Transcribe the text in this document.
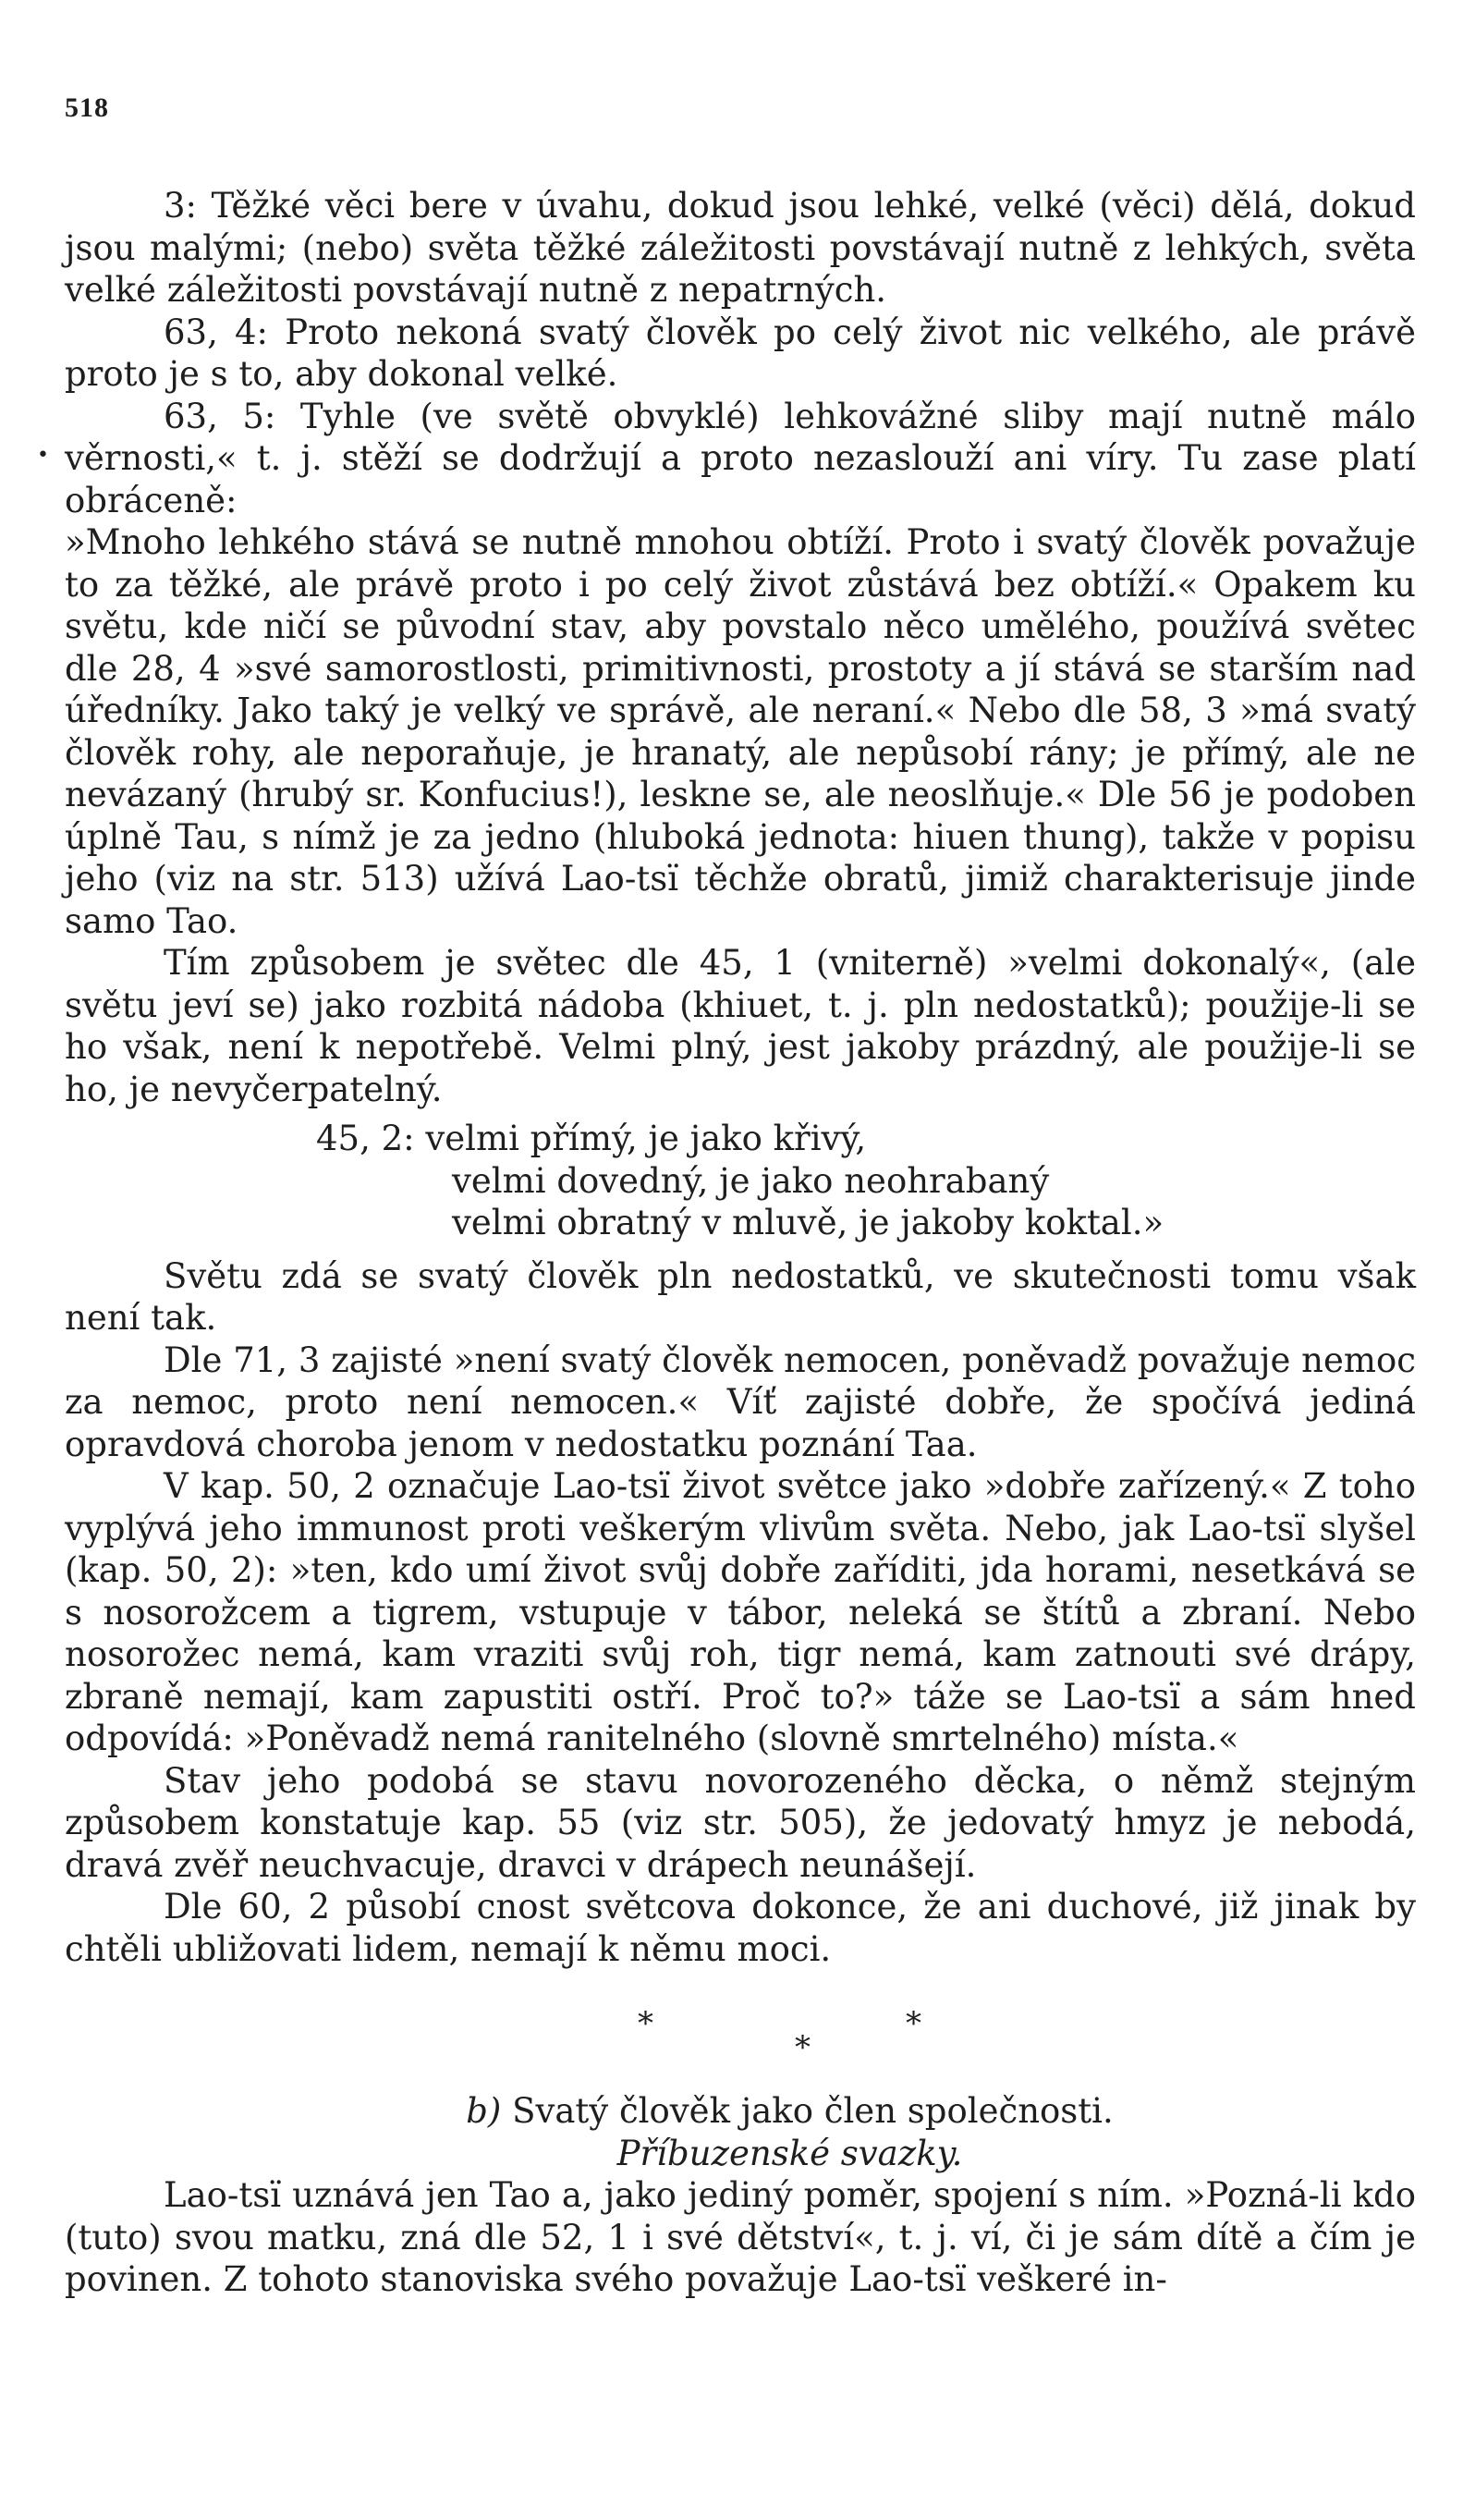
518
•

3: Těžké věci bere v úvahu, dokud jsou lehké, velké (věci) dělá, dokud jsou malými; (nebo) světa těžké záležitosti povstávají nutně z lehkých, světa velké záležitosti povstávají nutně z nepatrných.

63, 4: Proto nekoná svatý člověk po celý život nic velkého, ale právě proto je s to, aby dokonal velké.

63, 5: Tyhle (ve světě obvyklé) lehkovážné sliby mají nutně málo věrnosti,« t. j. stěží se dodržují a proto nezaslouží ani víry. Tu zase platí obráceně:

»Mnoho lehkého stává se nutně mnohou obtíží. Proto i svatý člověk považuje to za těžké, ale právě proto i po celý život zůstává bez obtíží.« Opakem ku světu, kde ničí se původní stav, aby povstalo něco umělého, používá světec dle 28, 4 »své samorostlosti, primitivnosti, prostoty a jí stává se starším nad úředníky. Jako taký je velký ve správě, ale neraní.« Nebo dle 58, 3 »má svatý člověk rohy, ale neporaňuje, je hranatý, ale nepůsobí rány; je přímý, ale ne nevázaný (hrubý sr. Konfucius!), leskne se, ale neoslňuje.« Dle 56 je podoben úplně Tau, s nímž je za jedno (hluboká jednota: hiuen thung), takže v popisu jeho (viz na str. 513) užívá Lao-tsï těchže obratů, jimiž charakterisuje jinde samo Tao.

Tím způsobem je světec dle 45, 1 (vniterně) »velmi dokonalý«, (ale světu jeví se) jako rozbitá nádoba (khiuet, t. j. pln nedostatků); použije-li se ho však, není k nepotřebě. Velmi plný, jest jakoby prázdný, ale použije-li se ho, je nevyčerpatelný.

45, 2: velmi přímý, je jako křivý,
velmi dovedný, je jako neohrabaný
velmi obratný v mluvě, je jakoby koktal.»

Světu zdá se svatý člověk pln nedostatků, ve skutečnosti tomu však není tak.

Dle 71, 3 zajisté »není svatý člověk nemocen, poněvadž považuje nemoc za nemoc, proto není nemocen.« Víť zajisté dobře, že spočívá jediná opravdová choroba jenom v nedostatku poznání Taa.

V kap. 50, 2 označuje Lao-tsï život světce jako »dobře zařízený.« Z toho vyplývá jeho immunost proti veškerým vlivům světa. Nebo, jak Lao-tsï slyšel (kap. 50, 2): »ten, kdo umí život svůj dobře zaříditi, jda horami, nesetkává se s nosorožcem a tigrem, vstupuje v tábor, neleká se štítů a zbraní. Nebo nosorožec nemá, kam vraziti svůj roh, tigr nemá, kam zatnouti své drápy, zbraně nemají, kam zapustiti ostří. Proč to?» táže se Lao-tsï a sám hned odpovídá: »Poněvadž nemá ranitelného (slovně smrtelného) místa.«

Stav jeho podobá se stavu novorozeného děcka, o němž stejným způsobem konstatuje kap. 55 (viz str. 505), že jedovatý hmyz je nebodá, dravá zvěř neuchvacuje, dravci v drápech neunášejí.

Dle 60, 2 působí cnost světcova dokonce, že ani duchové, již jinak by chtěli ubližovati lidem, nemají k němu moci.

*
*
*

b) Svatý člověk jako člen společnosti.

Příbuzenské svazky.

Lao-tsï uznává jen Tao a, jako jediný poměr, spojení s ním. »Pozná-li kdo (tuto) svou matku, zná dle 52, 1 i své dětství«, t. j. ví, či je sám dítě a čím je povinen. Z tohoto stanoviska svého považuje Lao-tsï veškeré in-
